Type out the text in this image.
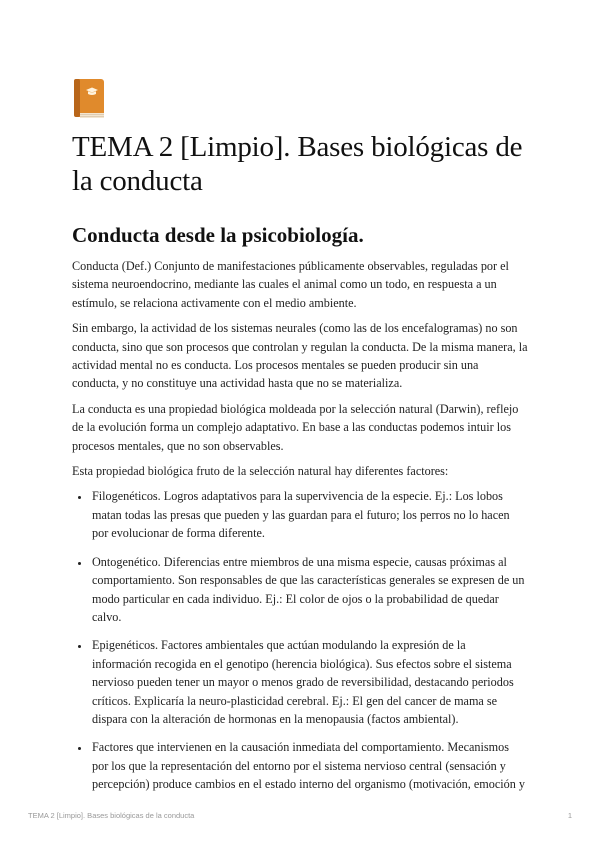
TEMA 2 [Limpio]. Bases biológicas de la conducta
Conducta desde la psicobiología.

Conducta (Def.) Conjunto de manifestaciones públicamente observables, reguladas por el sistema neuroendocrino, mediante las cuales el animal como un todo, en respuesta a un estímulo, se relaciona activamente con el medio ambiente.

Sin embargo, la actividad de los sistemas neurales (como las de los encefalogramas) no son conducta, sino que son procesos que controlan y regulan la conducta. De la misma manera, la actividad mental no es conducta. Los procesos mentales se pueden producir sin una conducta, y no constituye una actividad hasta que no se materializa.

La conducta es una propiedad biológica moldeada por la selección natural (Darwin), reflejo de la evolución forma un complejo adaptativo. En base a las conductas podemos intuir los procesos mentales, que no son observables.

Esta propiedad biológica fruto de la selección natural hay diferentes factores:

• Filogenéticos. Logros adaptativos para la supervivencia de la especie. Ej.: Los lobos matan todas las presas que pueden y las guardan para el futuro; los perros no lo hacen por evolucionar de forma diferente.
• Ontogenético. Diferencias entre miembros de una misma especie, causas próximas al comportamiento. Son responsables de que las características generales se expresen de un modo particular en cada individuo. Ej.: El color de ojos o la probabilidad de quedar calvo.
• Epigenéticos. Factores ambientales que actúan modulando la expresión de la información recogida en el genotipo (herencia biológica). Sus efectos sobre el sistema nervioso pueden tener un mayor o menos grado de reversibilidad, destacando periodos críticos. Explicaría la neuro-plasticidad cerebral. Ej.: El gen del cancer de mama se dispara con la alteración de hormonas en la menopausia (factos ambiental).
• Factores que intervienen en la causación inmediata del comportamiento. Mecanismos por los que la representación del entorno por el sistema nervioso central (sensación y percepción) produce cambios en el estado interno del organismo (motivación, emoción y
TEMA 2 [Limpio]. Bases biológicas de la conducta	1
